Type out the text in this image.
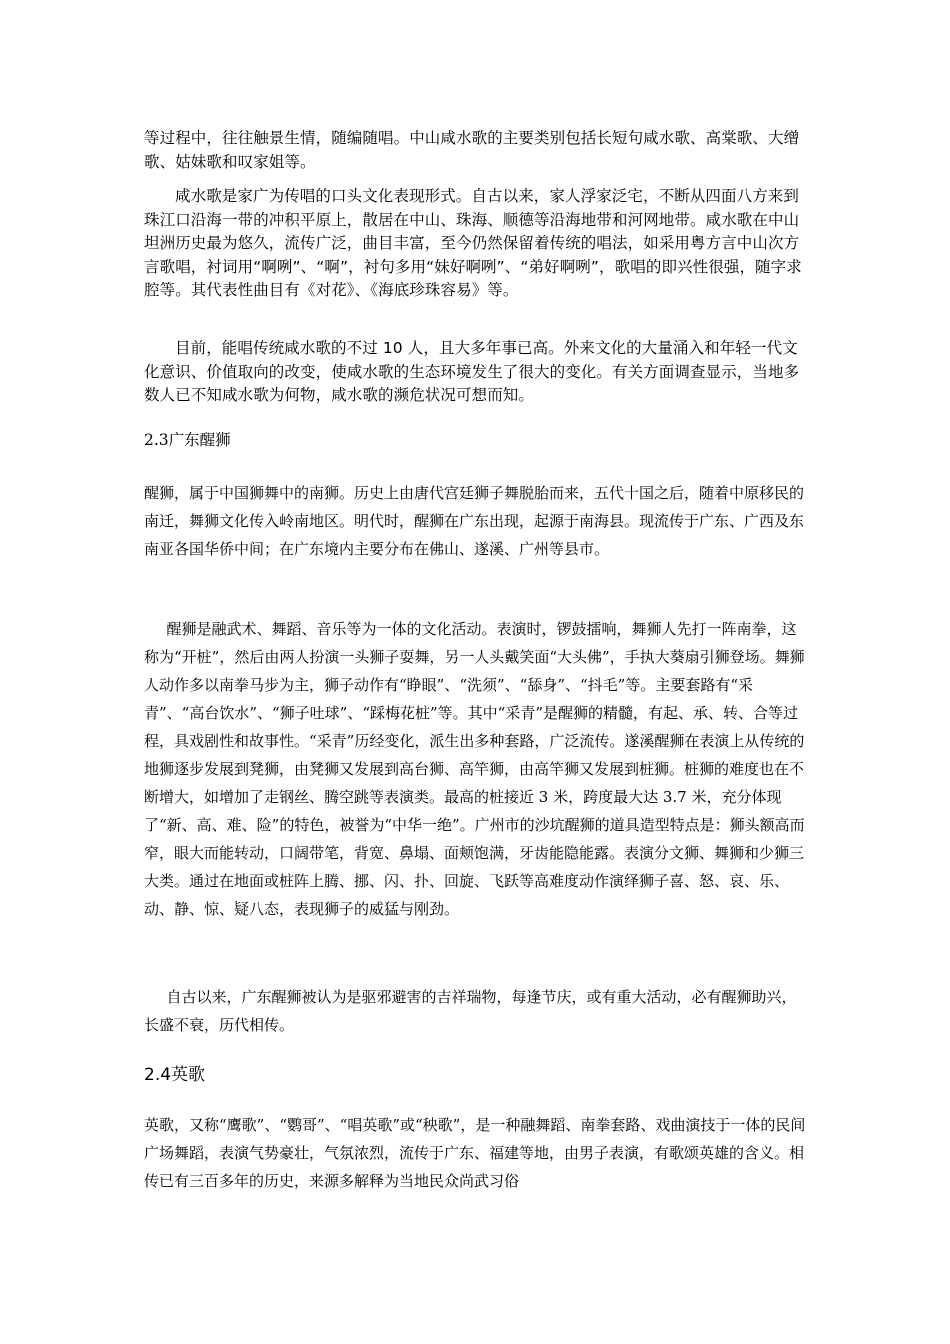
等过程中，往往触景生情，随编随唱。中山咸水歌的主要类别包括长短句咸水歌、高棠歌、大缯歌、姑妹歌和叹家姐等。

咸水歌是家广为传唱的口头文化表现形式。自古以来，家人浮家泛宅，不断从四面八方来到珠江口沿海一带的冲积平原上，散居在中山、珠海、顺德等沿海地带和河网地带。咸水歌在中山坦洲历史最为悠久，流传广泛，曲目丰富，至今仍然保留着传统的唱法，如采用粤方言中山次方言歌唱，衬词用“啊咧”、“啊”，衬句多用“妹好啊咧”、“弟好啊咧”，歌唱的即兴性很强，随字求腔等。其代表性曲目有《对花》、《海底珍珠容易》等。

目前，能唱传统咸水歌的不过 10 人，且大多年事已高。外来文化的大量涌入和年轻一代文化意识、价值取向的改变，使咸水歌的生态环境发生了很大的变化。有关方面调查显示，当地多数人已不知咸水歌为何物，咸水歌的濒危状况可想而知。

2.3广东醒狮

醒狮，属于中国狮舞中的南狮。历史上由唐代宫廷狮子舞脱胎而来，五代十国之后，随着中原移民的南迁，舞狮文化传入岭南地区。明代时，醒狮在广东出现，起源于南海县。现流传于广东、广西及东南亚各国华侨中间；在广东境内主要分布在佛山、遂溪、广州等县市。

醒狮是融武术、舞蹈、音乐等为一体的文化活动。表演时，锣鼓擂响，舞狮人先打一阵南拳，这称为“开桩”，然后由两人扮演一头狮子耍舞，另一人头戴笑面“大头佛”，手执大葵扇引狮登场。舞狮人动作多以南拳马步为主，狮子动作有“睁眼”、“洗须”、“舔身”、“抖毛”等。主要套路有“采青”、“高台饮水”、“狮子吐球”、“踩梅花桩”等。其中“采青”是醒狮的精髓，有起、承、转、合等过程，具戏剧性和故事性。“采青”历经变化，派生出多种套路，广泛流传。遂溪醒狮在表演上从传统的地狮逐步发展到凳狮，由凳狮又发展到高台狮、高竿狮，由高竿狮又发展到桩狮。桩狮的难度也在不断增大，如增加了走钢丝、腾空跳等表演类。最高的桩接近 3 米，跨度最大达 3.7 米，充分体现了“新、高、难、险”的特色，被誉为“中华一绝”。广州市的沙坑醒狮的道具造型特点是：狮头额高而窄，眼大而能转动，口阔带笔，背宽、鼻塌、面颊饱满，牙齿能隐能露。表演分文狮、舞狮和少狮三大类。通过在地面或桩阵上腾、挪、闪、扑、回旋、飞跃等高难度动作演绎狮子喜、怒、哀、乐、动、静、惊、疑八态，表现狮子的威猛与刚劲。

自古以来，广东醒狮被认为是驱邪避害的吉祥瑞物，每逢节庆，或有重大活动，必有醒狮助兴，长盛不衰，历代相传。

2.4英歌

英歌，又称“鹰歌”、“鹦哥”、“唱英歌”或“秧歌”，是一种融舞蹈、南拳套路、戏曲演技于一体的民间广场舞蹈，表演气势豪壮，气氛浓烈，流传于广东、福建等地，由男子表演，有歌颂英雄的含义。相传已有三百多年的历史，来源多解释为当地民众尚武习俗
